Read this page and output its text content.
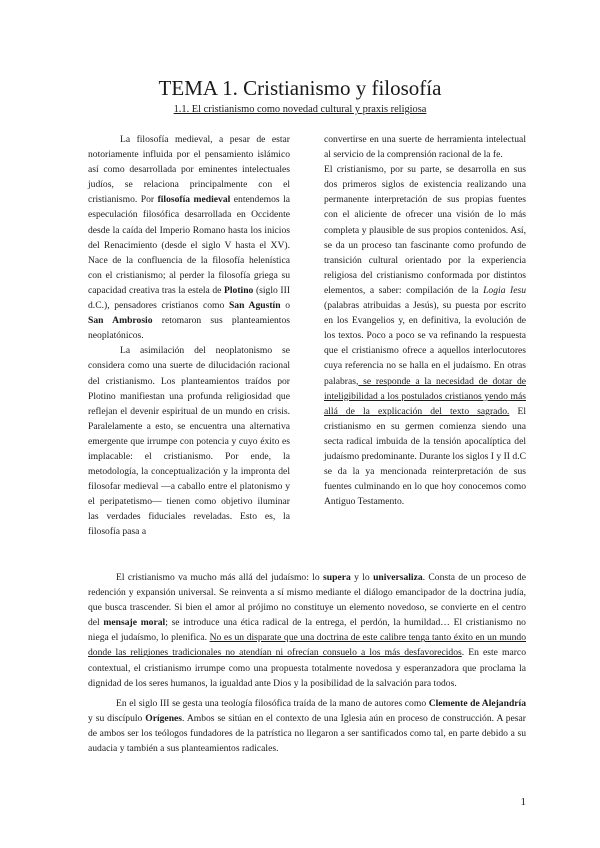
TEMA 1. Cristianismo y filosofía

1.1. El cristianismo como novedad cultural y praxis religiosa

La filosofía medieval, a pesar de estar notoriamente influida por el pensamiento islámico así como desarrollada por eminentes intelectuales judíos, se relaciona principalmente con el cristianismo. Por filosofía medieval entendemos la especulación filosófica desarrollada en Occidente desde la caída del Imperio Romano hasta los inicios del Renacimiento (desde el siglo V hasta el XV). Nace de la confluencia de la filosofía helenística con el cristianismo; al perder la filosofía griega su capacidad creativa tras la estela de Plotino (siglo III d.C.), pensadores cristianos como San Agustín o San Ambrosio retomaron sus planteamientos neoplatónicos.

La asimilación del neoplatonismo se considera como una suerte de dilucidación racional del cristianismo. Los planteamientos traídos por Plotino manifiestan una profunda religiosidad que reflejan el devenir espiritual de un mundo en crisis. Paralelamente a esto, se encuentra una alternativa emergente que irrumpe con potencia y cuyo éxito es implacable: el cristianismo. Por ende, la metodología, la conceptualización y la impronta del filosofar medieval —a caballo entre el platonismo y el peripatetismo— tienen como objetivo iluminar las verdades fiduciales reveladas. Esto es, la filosofía pasa a

convertirse en una suerte de herramienta intelectual al servicio de la comprensión racional de la fe.

El cristianismo, por su parte, se desarrolla en sus dos primeros siglos de existencia realizando una permanente interpretación de sus propias fuentes con el aliciente de ofrecer una visión de lo más completa y plausible de sus propios contenidos. Así, se da un proceso tan fascinante como profundo de transición cultural orientado por la experiencia religiosa del cristianismo conformada por distintos elementos, a saber: compilación de la Logia Iesu (palabras atribuidas a Jesús), su puesta por escrito en los Evangelios y, en definitiva, la evolución de los textos. Poco a poco se va refinando la respuesta que el cristianismo ofrece a aquellos interlocutores cuya referencia no se halla en el judaísmo. En otras palabras, se responde a la necesidad de dotar de inteligibilidad a los postulados cristianos yendo más allá de la explicación del texto sagrado. El cristianismo en su germen comienza siendo una secta radical imbuida de la tensión apocalíptica del judaísmo predominante. Durante los siglos I y II d.C se da la ya mencionada reinterpretación de sus fuentes culminando en lo que hoy conocemos como Antiguo Testamento.

El cristianismo va mucho más allá del judaísmo: lo supera y lo universaliza. Consta de un proceso de redención y expansión universal. Se reinventa a sí mismo mediante el diálogo emancipador de la doctrina judía, que busca trascender. Si bien el amor al prójimo no constituye un elemento novedoso, se convierte en el centro del mensaje moral; se introduce una ética radical de la entrega, el perdón, la humildad… El cristianismo no niega el judaísmo, lo plenifica. No es un disparate que una doctrina de este calibre tenga tanto éxito en un mundo donde las religiones tradicionales no atendían ni ofrecían consuelo a los más desfavorecidos. En este marco contextual, el cristianismo irrumpe como una propuesta totalmente novedosa y esperanzadora que proclama la dignidad de los seres humanos, la igualdad ante Dios y la posibilidad de la salvación para todos.

En el siglo III se gesta una teología filosófica traída de la mano de autores como Clemente de Alejandría y su discípulo Orígenes. Ambos se sitúan en el contexto de una Iglesia aún en proceso de construcción. A pesar de ambos ser los teólogos fundadores de la patrística no llegaron a ser santificados como tal, en parte debido a su audacia y también a sus planteamientos radicales.

1
